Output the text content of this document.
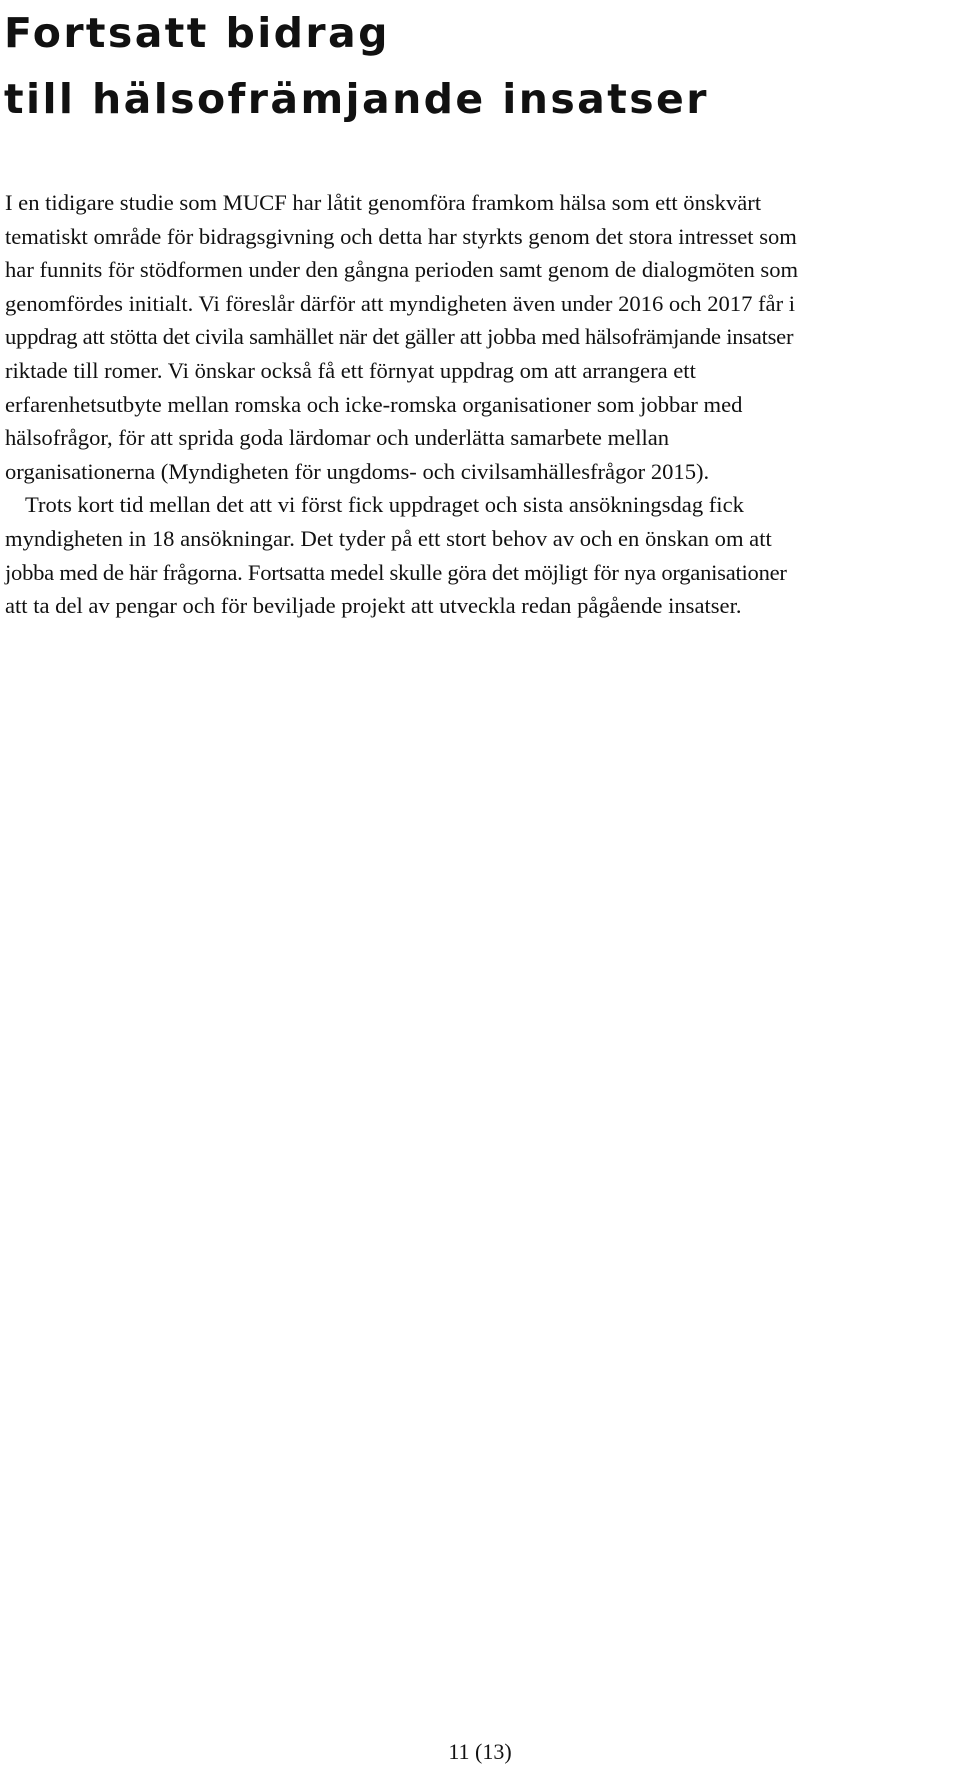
Fortsatt bidrag
till hälsofrämjande insatser
I en tidigare studie som MUCF har låtit genomföra framkom hälsa som ett önskvärt
tematiskt område för bidragsgivning och detta har styrkts genom det stora intresset som
har funnits för stödformen under den gångna perioden samt genom de dialogmöten som
genomfördes initialt. Vi föreslår därför att myndigheten även under 2016 och 2017 får i
uppdrag att stötta det civila samhället när det gäller att jobba med hälsofrämjande insatser
riktade till romer. Vi önskar också få ett förnyat uppdrag om att arrangera ett
erfarenhetsutbyte mellan romska och icke-romska organisationer som jobbar med
hälsofrågor, för att sprida goda lärdomar och underlätta samarbete mellan
organisationerna (Myndigheten för ungdoms- och civilsamhällesfrågor 2015).
Trots kort tid mellan det att vi först fick uppdraget och sista ansökningsdag fick
myndigheten in 18 ansökningar. Det tyder på ett stort behov av och en önskan om att
jobba med de här frågorna. Fortsatta medel skulle göra det möjligt för nya organisationer
att ta del av pengar och för beviljade projekt att utveckla redan pågående insatser.
11 (13)
